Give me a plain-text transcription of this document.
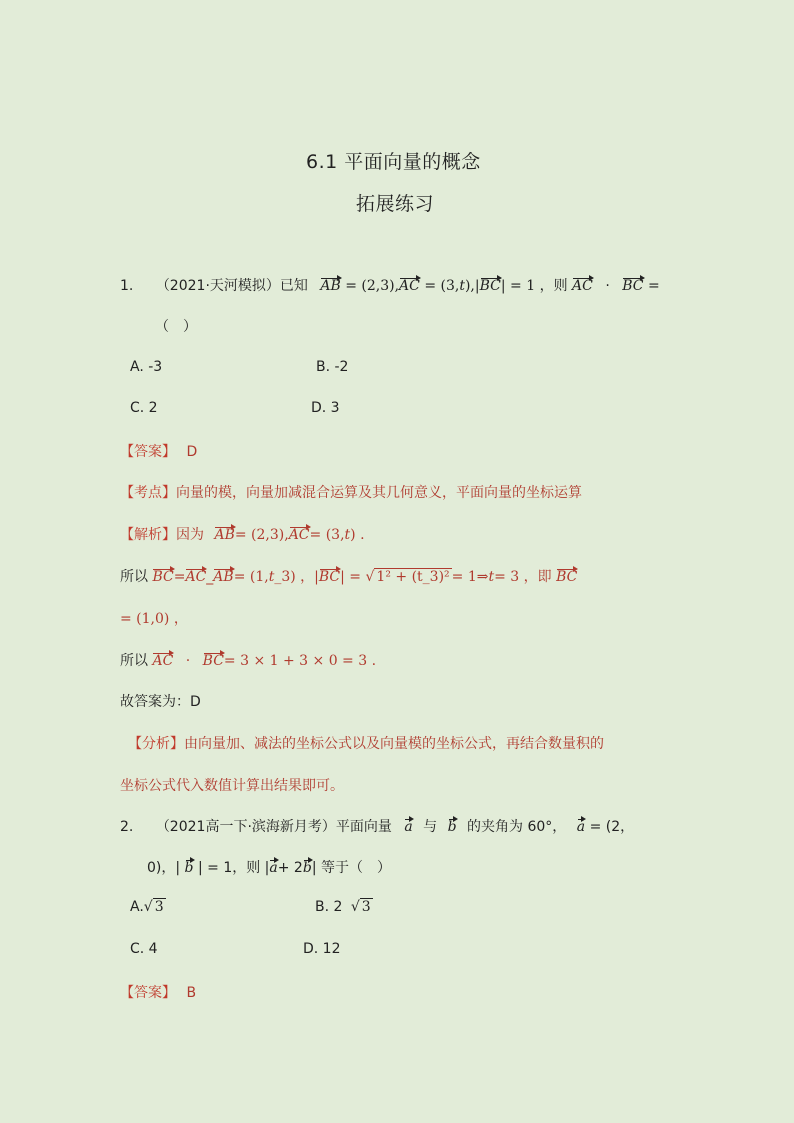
6.1 平面向量的概念
拓展练习
1. （2021·天河模拟）已知 AB = (2,3),AC = (3,t),|BC| = 1 ，则 AC · BC =
（　）
A. -3	B. -2
C. 2	D. 3
【答案】 D
【考点】向量的模，向量加减混合运算及其几何意义，平面向量的坐标运算
【解析】因为 AB= (2,3),AC= (3,t) .
所以 BC=AC_AB= (1,t_3) ，|BC| = √ 1² + (t_3)² = 1⇒t= 3 ，即 BC
= (1,0) ，
所以 AC · BC= 3 × 1 + 3 × 0 = 3 .
故答案为：D
【分析】由向量加、减法的坐标公式以及向量模的坐标公式，再结合数量积的
坐标公式代入数值计算出结果即可。
2. （2021高一下·滨海新月考）平面向量 a 与 b 的夹角为 60°， a = (2，
0)，| b | = 1，则 |a+ 2b| 等于（　）
A.√ 3	B. 2 √ 3
C. 4	D. 12
【答案】 B
